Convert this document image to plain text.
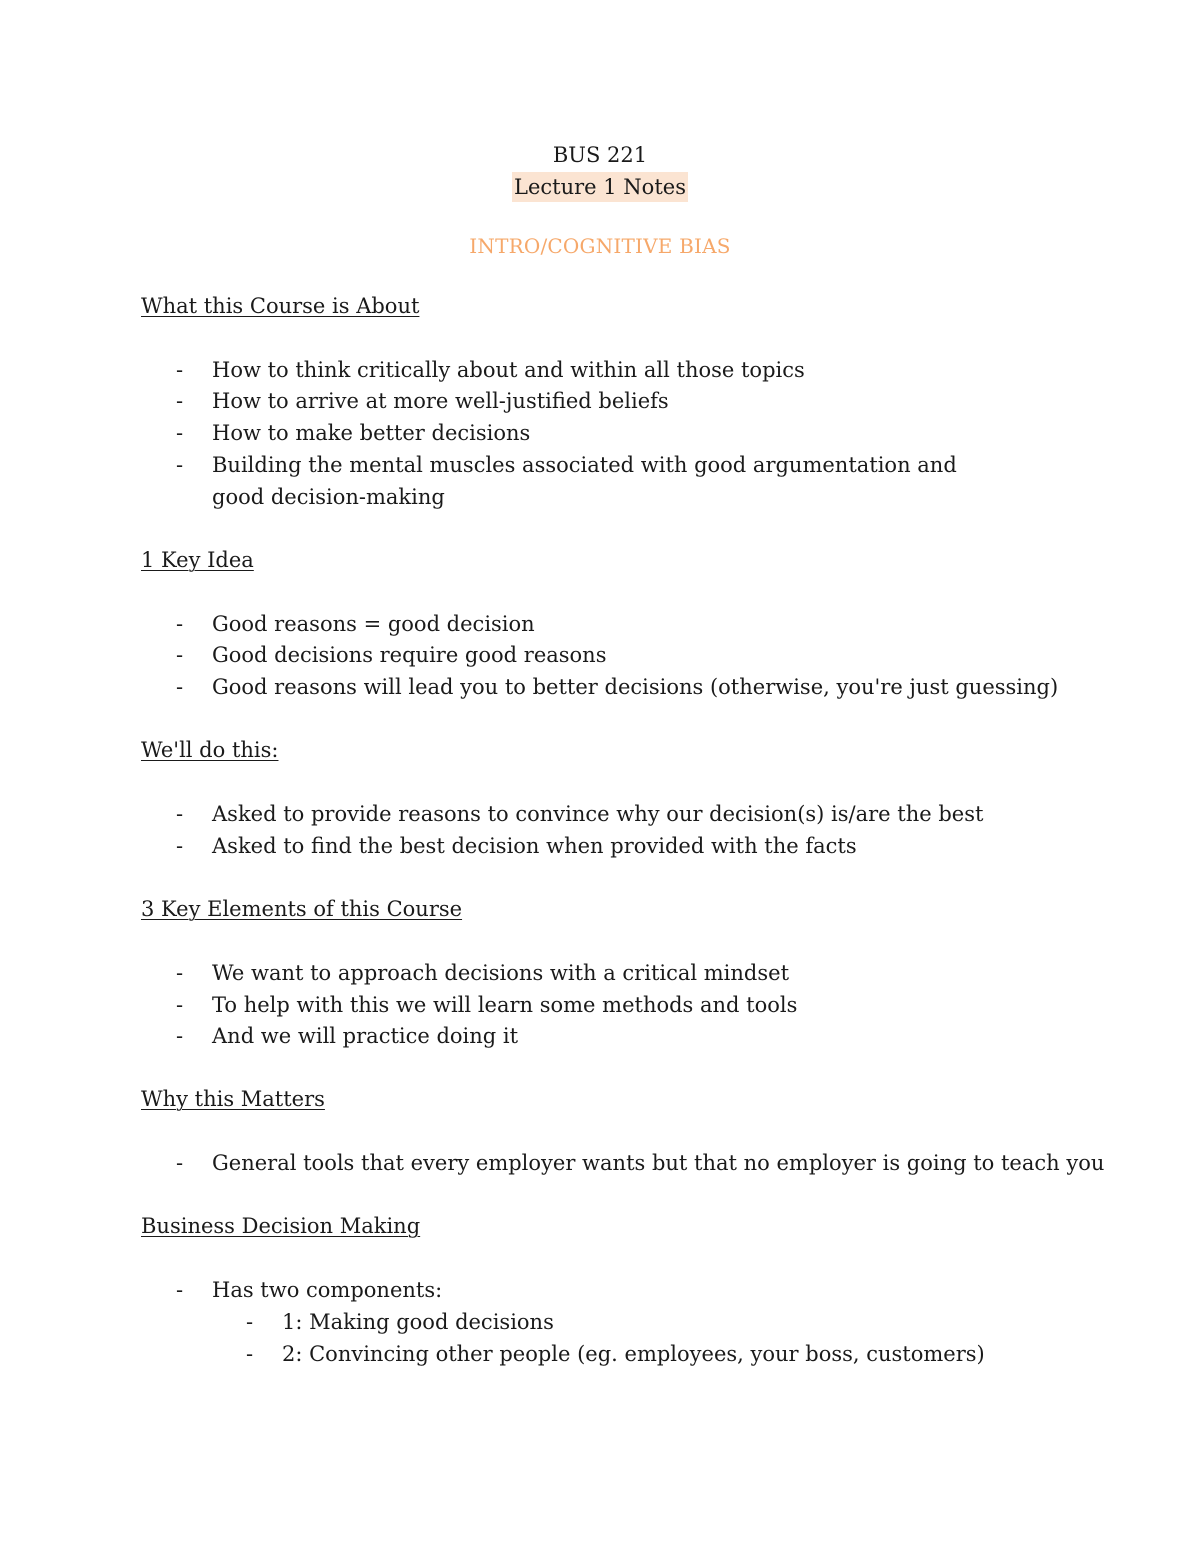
BUS 221
Lecture 1 Notes
INTRO/COGNITIVE BIAS
What this Course is About
- How to think critically about and within all those topics
- How to arrive at more well-justified beliefs
- How to make better decisions
- Building the mental muscles associated with good argumentation and good decision-making
1 Key Idea
- Good reasons = good decision
- Good decisions require good reasons
- Good reasons will lead you to better decisions (otherwise, you're just guessing)
We'll do this:
- Asked to provide reasons to convince why our decision(s) is/are the best
- Asked to find the best decision when provided with the facts
3 Key Elements of this Course
- We want to approach decisions with a critical mindset
- To help with this we will learn some methods and tools
- And we will practice doing it
Why this Matters
- General tools that every employer wants but that no employer is going to teach you
Business Decision Making
- Has two components:
- 1: Making good decisions
- 2: Convincing other people (eg. employees, your boss, customers)
